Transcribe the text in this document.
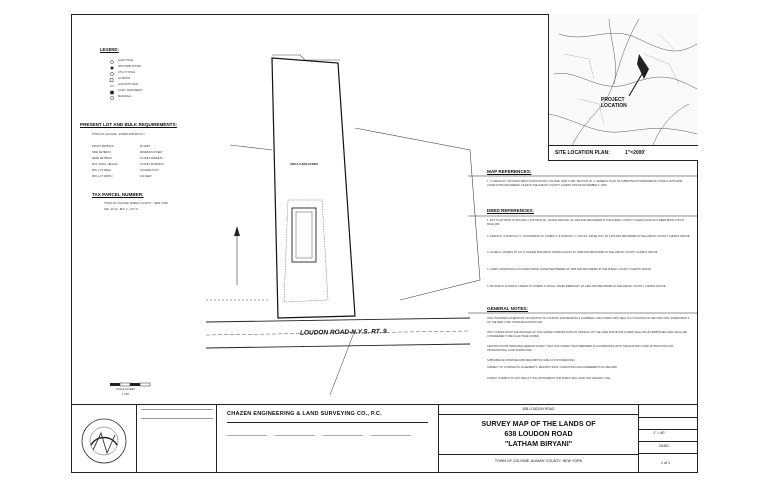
LEGEND:
LIGHT POLE
IRON PIPE FOUND
UTILITY POLE
HYDRANT
GAS POST SIGN
CONC. MONUMENT
MANHOLE
PRESENT LOT AND BULK REQUIREMENTS:
TOWN OF COLONIE - ZONED DISTRICTS C
FRONT SETBACK	50 FEET
SIDE SETBACK	MINIMUM 20 FEET
REAR SETBACK	10 FEET MINIMUM
MAX. BLDG. HEIGHT	75 FEET MAXIMUM
MIN. LOT AREA	SQUARE FOOT
MIN. LOT WIDTH	100 FEET
TAX PARCEL NUMBER:
TOWN OF COLONIE, ALBANY COUNTY - NEW YORK
SEC. 20-13 - BLK. 2 - LOT 17
LOUDON ROAD-N.Y.S. RT. 9
AREA 0.628 ACRES
SCALE IN FEET
1"=80'
PROJECT
LOCATION
SITE LOCATION PLAN:	1"=2000'
MAP REFERENCES:
1. "A SMAN INC. SITUATED NEW LOUDON ROAD, COLONIE, NEW YORK, SECTION 20, 2, GENERAL PLAN OF SUBDIVISION" PREPARED BY HOSE & HUTCHINS, CONSULTING ENGINEERS, FILED IN THE ALBANY COUNTY CLERKS OFFICE NOVEMBER 3, 1959.
DEED REFERENCES:
1. ROY & KATTRON TO WILLIAM J. KATTRON JR., DATED JANUARY 19, 2003 AND RECORDED IN THE ALBANY COUNTY CLERKS OFFICE IN DEED BOOK 2763 AT PAGE 168.
2. GRANA M. & DOROTHY G. DOCKERMAN TO JOSEPH F. & DOROTHY G. DOCKA, DATED JULY 28, 1975 AND RECORDED IN THE ALBANY COUNTY CLERKS OFFICE.
3. GLORIA A. RIVERS TO JAY & JOANNE PINCHMAN, DATED AUGUST 20, 1968 AND RECORDED IN THE ALBANY COUNTY CLERKS OFFICE.
4. LARRY ANNONANGA TO KASAR ATRAM, DATED SEPTEMBER 30, 2005 AND RECORDED IN THE ALBANY COUNTY CLERKS OFFICE.
5. ARTHUR W. & ANNA B. FISHER TO JOSEPH F. PROLE, DATED FEBRUARY 18, 1960 AND RECORDED IN THE ALBANY COUNTY CLERKS OFFICE.
GENERAL NOTES:
UNAUTHORIZED ALTERATION OR ADDITION TO A SURVEY MAP BEARING A LICENSED LAND SURVEYOR'S SEAL IS A VIOLATION OF SECTION 7209, SUBDIVISION 2 OF THE NEW YORK STATE EDUCATION LAW.
ONLY COPIES FROM THE ORIGINAL OF THIS SURVEY MARKED WITH AN ORIGINAL OF THE LAND SURVEYOR'S INKED SEAL OR HIS EMBOSSED SEAL SHALL BE CONSIDERED TO BE VALID TRUE COPIES.
CERTIFICATIONS INDICATED HEREON SIGNIFY THAT THIS SURVEY WAS PREPARED IN ACCORDANCE WITH THE EXISTING CODE OF PRACTICE FOR PROFESSIONAL LAND SURVEYORS.
SUBSURFACE FROM RECORD DESCRIPTION ARE AS IN POSSESSION.
SUBJECT TO COVENANTS, EASEMENTS, RESTRICTIONS, CONDITIONS AND AGREEMENTS OF RECORD.
SURVEY SUBJECT TO ANY RIGHT, TITLE OR INTEREST THE PUBLIC MAY HAVE FOR HIGHWAY USE.
CHAZEN ENGINEERING & LAND SURVEYING CO., P.C.
638 LOUDON ROAD
SURVEY MAP OF THE LANDS OF
638 LOUDON ROAD
"LATHAM BIRYANI"
TOWN OF COLONIE, ALBANY COUNTY, NEW YORK
1" = 80'
20401
1 of 1
